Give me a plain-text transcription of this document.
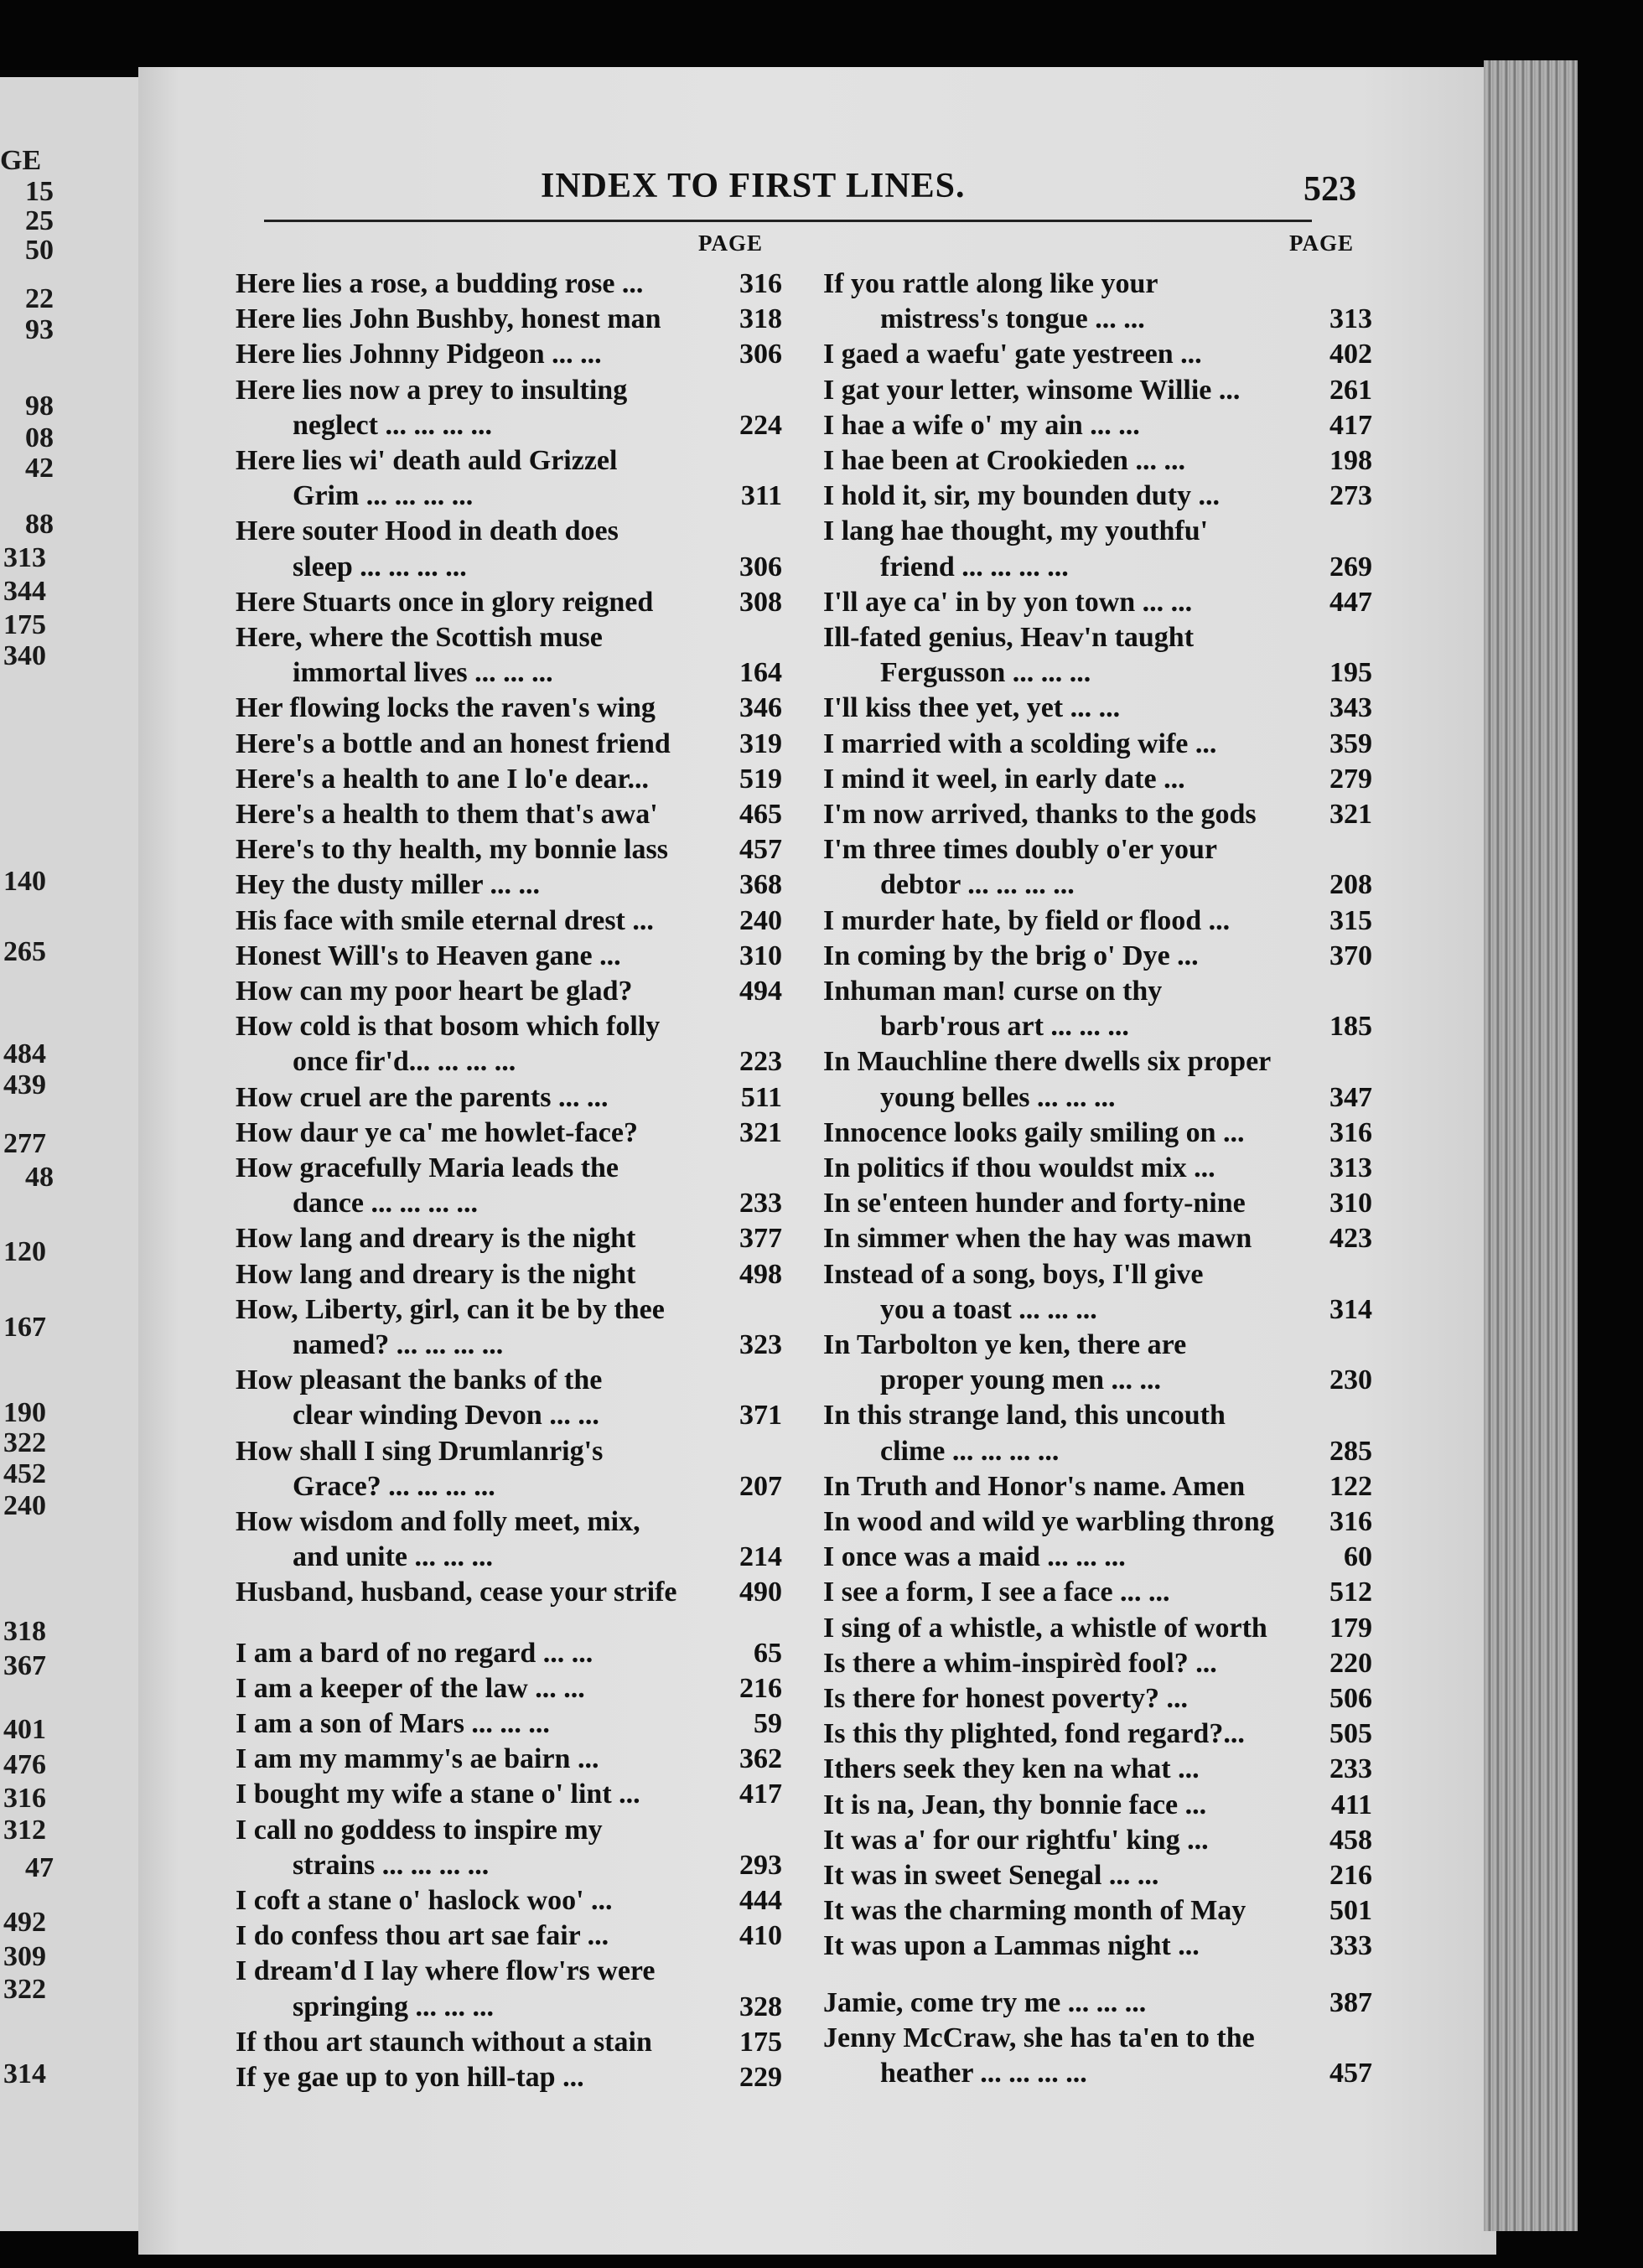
GE
15
25
50
22
93
98
08
42
88
313
344
175
340
140
265
484
439
277
48
120
167
190
322
452
240
318
367
401
476
316
312
47
492
309
322
314
INDEX TO FIRST LINES.	523
PAGE	PAGE
Here lies a rose, a budding rose ...	316
Here lies John Bushby, honest man	318
Here lies Johnny Pidgeon ... ...	306
Here lies now a prey to insulting
neglect ... ... ... ...	224
Here lies wi' death auld Grizzel
Grim ... ... ... ...	311
Here souter Hood in death does
sleep ... ... ... ...	306
Here Stuarts once in glory reigned	308
Here, where the Scottish muse
immortal lives ... ... ...	164
Her flowing locks the raven's wing	346
Here's a bottle and an honest friend 319
Here's a health to ane I lo'e dear...	519
Here's a health to them that's awa'	465
Here's to thy health, my bonnie lass 457
Hey the dusty miller ... ...	368
His face with smile eternal drest ...	240
Honest Will's to Heaven gane ...	310
How can my poor heart be glad?	494
How cold is that bosom which folly
once fir'd... ... ... ...	223
How cruel are the parents ... ...	511
How daur ye ca' me howlet-face?	321
How gracefully Maria leads the
dance ... ... ... ...	233
How lang and dreary is the night	377
How lang and dreary is the night	498
How, Liberty, girl, can it be by thee
named? ... ... ... ...	323
How pleasant the banks of the
clear winding Devon ... ...	371
How shall I sing Drumlanrig's
Grace? ... ... ... ...	207
How wisdom and folly meet, mix,
and unite ... ... ...	214
Husband, husband, cease your strife 490
I am a bard of no regard ... ...	65
I am a keeper of the law ... ...	216
I am a son of Mars ... ... ...	59
I am my mammy's ae bairn ...	362
I bought my wife a stane o' lint ...	417
I call no goddess to inspire my
strains ... ... ... ...	293
I coft a stane o' haslock woo' ...	444
I do confess thou art sae fair ...	410
I dream'd I lay where flow'rs were
springing ... ... ...	328
If thou art staunch without a stain	175
If ye gae up to yon hill-tap ...	229
If you rattle along like your
mistress's tongue ... ...	313
I gaed a waefu' gate yestreen ...	402
I gat your letter, winsome Willie ...	261
I hae a wife o' my ain ... ...	417
I hae been at Crookieden ... ...	198
I hold it, sir, my bounden duty ...	273
I lang hae thought, my youthfu'
friend ... ... ... ...	269
I'll aye ca' in by yon town ... ...	447
Ill-fated genius, Heav'n taught
Fergusson ... ... ...	195
I'll kiss thee yet, yet ... ...	343
I married with a scolding wife ...	359
I mind it weel, in early date ...	279
I'm now arrived, thanks to the gods	321
I'm three times doubly o'er your
debtor ... ... ... ...	208
I murder hate, by field or flood ...	315
In coming by the brig o' Dye ...	370
Inhuman man! curse on thy
barb'rous art ... ... ...	185
In Mauchline there dwells six proper
young belles ... ... ...	347
Innocence looks gaily smiling on ...	316
In politics if thou wouldst mix ...	313
In se'enteen hunder and forty-nine	310
In simmer when the hay was mawn	423
Instead of a song, boys, I'll give
you a toast ... ... ...	314
In Tarbolton ye ken, there are
proper young men ... ...	230
In this strange land, this uncouth
clime ... ... ... ...	285
In Truth and Honor's name. Amen	122
In wood and wild ye warbling throng 316
I once was a maid ... ... ...	60
I see a form, I see a face ... ...	512
I sing of a whistle, a whistle of worth 179
Is there a whim-inspirèd fool? ...	220
Is there for honest poverty? ...	506
Is this thy plighted, fond regard?...	505
Ithers seek they ken na what ...	233
It is na, Jean, thy bonnie face ...	411
It was a' for our rightfu' king ...	458
It was in sweet Senegal ... ...	216
It was the charming month of May	501
It was upon a Lammas night ...	333
Jamie, come try me ... ... ...	387
Jenny McCraw, she has ta'en to the
heather ... ... ... ...	457
